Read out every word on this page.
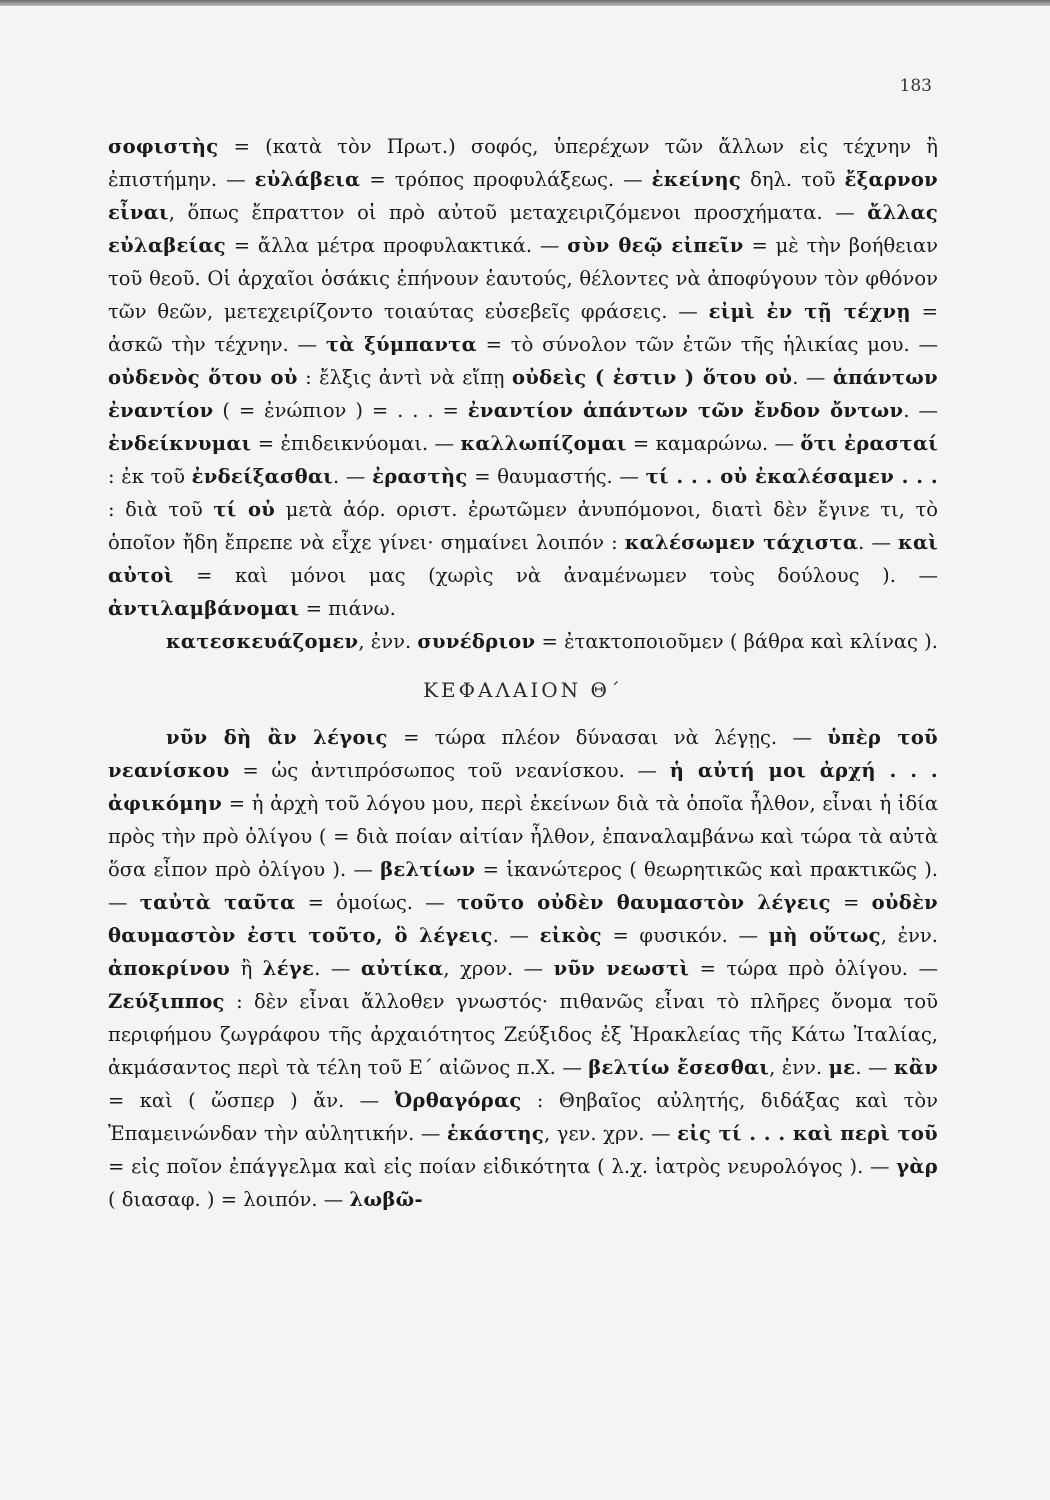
183

σοφιστὴς = (κατὰ τὸν Πρωτ.) σοφός, ὑπερέχων τῶν ἄλλων εἰς τέχνην ἢ ἐπιστήμην. — εὐλάβεια = τρόπος προφυλάξεως. — ἐκείνης δηλ. τοῦ ἔξαρνον εἶναι, ὅπως ἔπραττον οἱ πρὸ αὐτοῦ μεταχειριζόμενοι προσχήματα. — ἄλλας εὐλαβείας = ἄλλα μέτρα προφυλακτικά. — σὺν θεῷ εἰπεῖν = μὲ τὴν βοήθειαν τοῦ θεοῦ. Οἱ ἀρχαῖοι ὁσάκις ἐπήνουν ἑαυτούς, θέλοντες νὰ ἀποφύγουν τὸν φθόνον τῶν θεῶν, μετεχειρίζοντο τοιαύτας εὐσεβεῖς φράσεις. — εἰμὶ ἐν τῇ τέχνῃ = ἀσκῶ τὴν τέχνην. — τὰ ξύμπαντα = τὸ σύνολον τῶν ἐτῶν τῆς ἡλικίας μου. — οὐδενὸς ὅτου οὐ : ἔλξις ἀντὶ νὰ εἴπῃ οὐδεὶς ( ἐστιν ) ὅτου οὐ. — ἁπάντων ἐναντίον ( = ἐνώπιον ) = . . . = ἐναντίον ἁπάντων τῶν ἔνδον ὄντων. — ἐνδείκνυμαι = ἐπιδεικνύομαι. — καλλωπίζομαι = καμαρώνω. — ὅτι ἐρασταί : ἐκ τοῦ ἐνδείξασθαι. — ἐραστὴς = θαυμαστής. — τί . . . οὐ ἐκαλέσαμεν . . . : διὰ τοῦ τί οὐ μετὰ ἀόρ. οριστ. ἐρωτῶμεν ἀνυπόμονοι, διατὶ δὲν ἔγινε τι, τὸ ὁποῖον ἤδη ἔπρεπε νὰ εἶχε γίνει· σημαίνει λοιπόν : καλέσωμεν τάχιστα. — καὶ αὐτοὶ = καὶ μόνοι μας (χωρὶς νὰ ἀναμένωμεν τοὺς δούλους ). — ἀντιλαμβάνομαι = πιάνω.

κατεσκευάζομεν, ἐνν. συνέδριον = ἐτακτοποιοῦμεν ( βάθρα καὶ κλίνας ).

ΚΕΦΑΛΑΙΟΝ Θ΄

νῦν δὴ ἂν λέγοις = τώρα πλέον δύνασαι νὰ λέγῃς. — ὑπὲρ τοῦ νεανίσκου = ὡς ἀντιπρόσωπος τοῦ νεανίσκου. — ἡ αὐτή μοι ἀρχή . . . ἀφικόμην = ἡ ἀρχὴ τοῦ λόγου μου, περὶ ἐκείνων διὰ τὰ ὁποῖα ἦλθον, εἶναι ἡ ἰδία πρὸς τὴν πρὸ ὀλίγου ( = διὰ ποίαν αἰτίαν ἦλθον, ἐπαναλαμβάνω καὶ τώρα τὰ αὐτὰ ὅσα εἶπον πρὸ ὀλίγου ). — βελτίων = ἱκανώτερος ( θεωρητικῶς καὶ πρακτικῶς ). — ταὐτὰ ταῦτα = ὁμοίως. — τοῦτο οὐδὲν θαυμαστὸν λέγεις = οὐδὲν θαυμαστὸν ἐστι τοῦτο, ὃ λέγεις. — εἰκὸς = φυσικόν. — μὴ οὕτως, ἐνν. ἀποκρίνου ἢ λέγε. — αὐτίκα, χρον. — νῦν νεωστὶ = τώρα πρὸ ὀλίγου. — Ζεύξιππος : δὲν εἶναι ἄλλοθεν γνωστός· πιθανῶς εἶναι τὸ πλῆρες ὄνομα τοῦ περιφήμου ζωγράφου τῆς ἀρχαιότητος Ζεύξιδος ἐξ Ἡρακλείας τῆς Κάτω Ἰταλίας, ἀκμάσαντος περὶ τὰ τέλη τοῦ Ε΄ αἰῶνος π.Χ. — βελτίω ἔσεσθαι, ἐνν. με. — κἂν = καὶ ( ὥσπερ ) ἄν. — Ὀρθαγόρας : Θηβαῖος αὐλητής, διδάξας καὶ τὸν Ἐπαμεινώνδαν τὴν αὐλητικήν. — ἑκάστης, γεν. χρν. — εἰς τί . . . καὶ περὶ τοῦ = εἰς ποῖον ἐπάγγελμα καὶ εἰς ποίαν εἰδικότητα ( λ.χ. ἰατρὸς νευρολόγος ). — γὰρ ( διασαφ. ) = λοιπόν. — λωβῶ-
